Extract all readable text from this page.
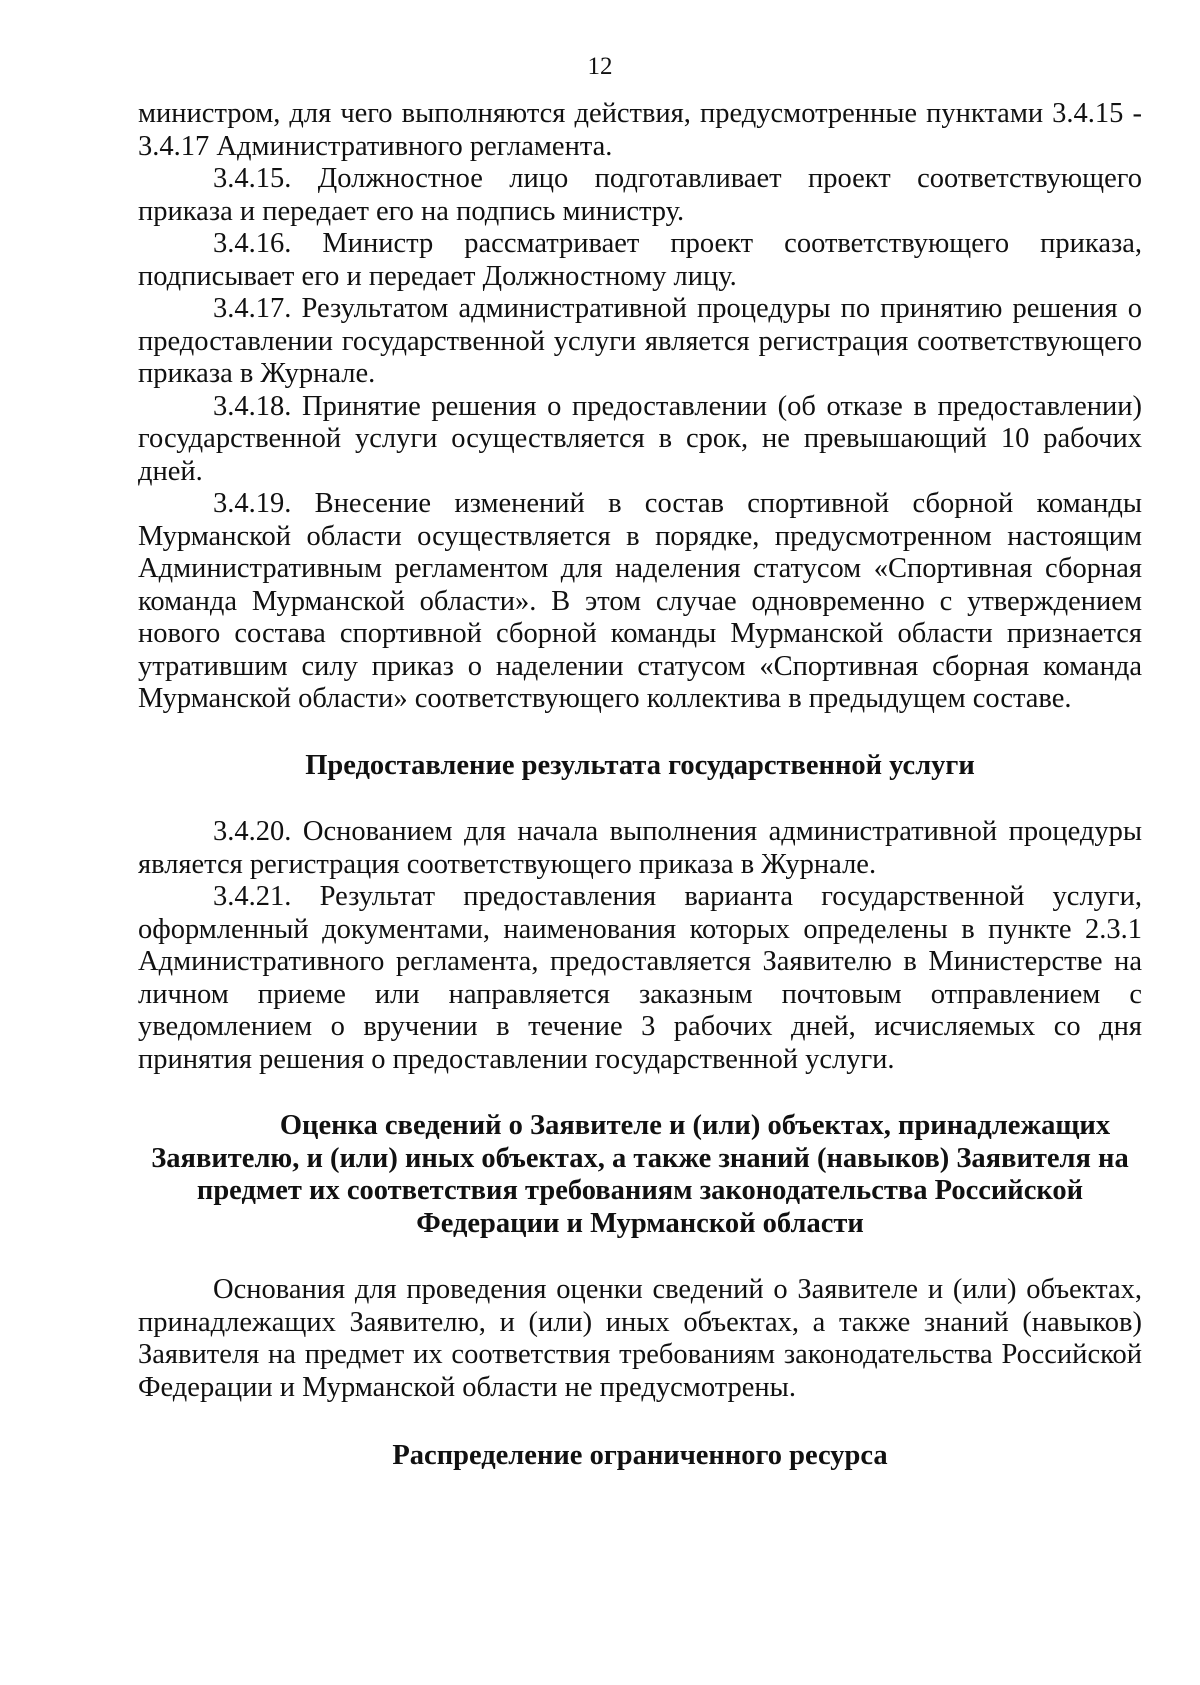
12

министром, для чего выполняются действия, предусмотренные пунктами 3.4.15 - 3.4.17 Административного регламента.

3.4.15. Должностное лицо подготавливает проект соответствующего приказа и передает его на подпись министру.

3.4.16. Министр рассматривает проект соответствующего приказа, подписывает его и передает Должностному лицу.

3.4.17. Результатом административной процедуры по принятию решения о предоставлении государственной услуги является регистрация соответствующего приказа в Журнале.

3.4.18. Принятие решения о предоставлении (об отказе в предоставлении) государственной услуги осуществляется в срок, не превышающий 10 рабочих дней.

3.4.19. Внесение изменений в состав спортивной сборной команды Мурманской области осуществляется в порядке, предусмотренном настоящим Административным регламентом для наделения статусом «Спортивная сборная команда Мурманской области». В этом случае одновременно с утверждением нового состава спортивной сборной команды Мурманской области признается утратившим силу приказ о наделении статусом «Спортивная сборная команда Мурманской области» соответствующего коллектива в предыдущем составе.

Предоставление результата государственной услуги

3.4.20. Основанием для начала выполнения административной процедуры является регистрация соответствующего приказа в Журнале.

3.4.21. Результат предоставления варианта государственной услуги, оформленный документами, наименования которых определены в пункте 2.3.1 Административного регламента, предоставляется Заявителю в Министерстве на личном приеме или направляется заказным почтовым отправлением с уведомлением о вручении в течение 3 рабочих дней, исчисляемых со дня принятия решения о предоставлении государственной услуги.

Оценка сведений о Заявителе и (или) объектах, принадлежащих
Заявителю, и (или) иных объектах, а также знаний (навыков) Заявителя на
предмет их соответствия требованиям законодательства Российской
Федерации и Мурманской области

Основания для проведения оценки сведений о Заявителе и (или) объектах, принадлежащих Заявителю, и (или) иных объектах, а также знаний (навыков) Заявителя на предмет их соответствия требованиям законодательства Российской Федерации и Мурманской области не предусмотрены.

Распределение ограниченного ресурса
